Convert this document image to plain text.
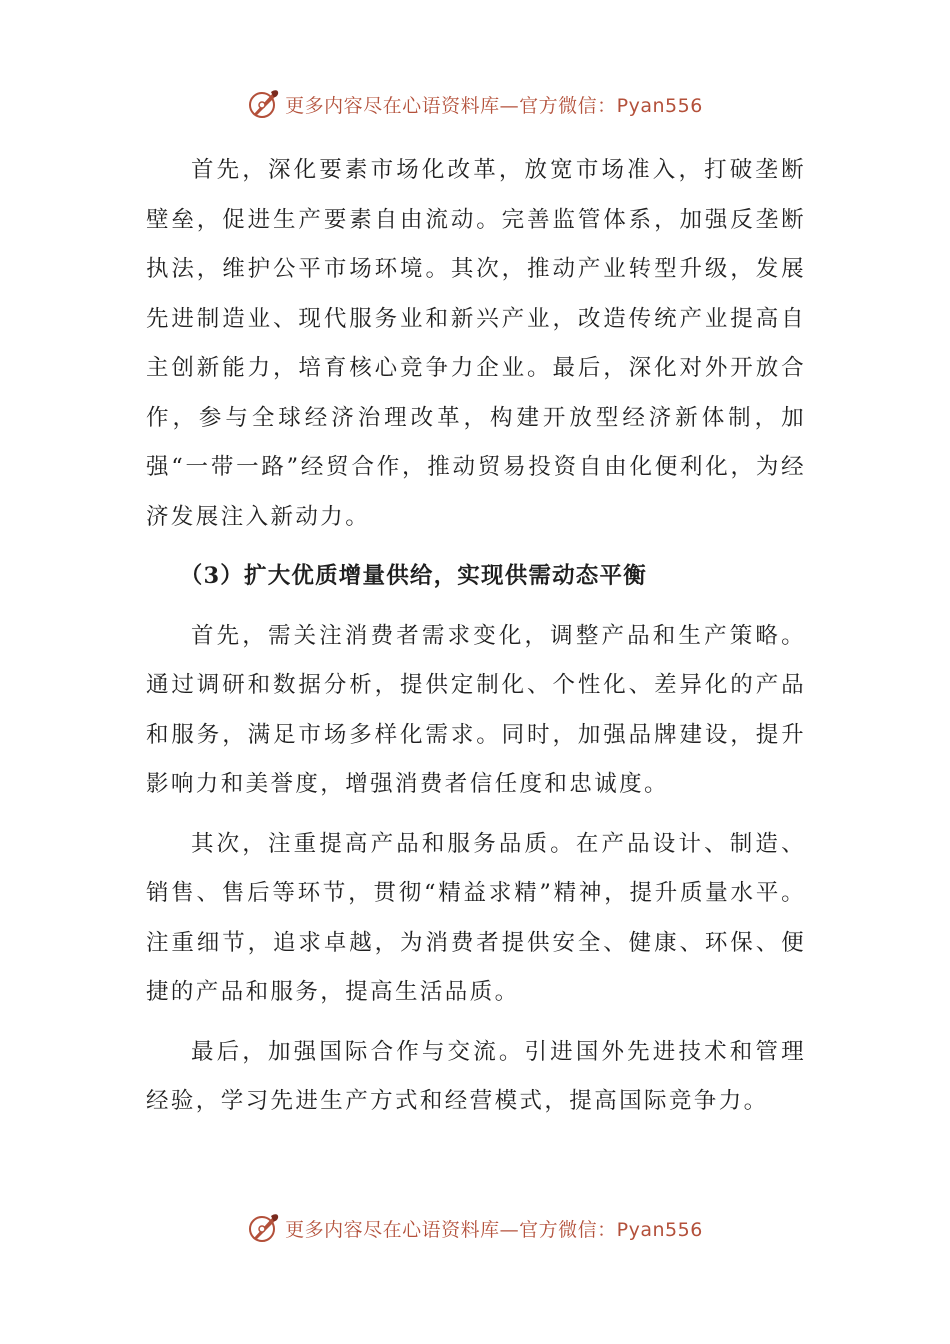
更多内容尽在心语资料库—官方微信：Pyan556

首先，深化要素市场化改革，放宽市场准入，打破垄断壁垒，促进生产要素自由流动。完善监管体系，加强反垄断执法，维护公平市场环境。其次，推动产业转型升级，发展先进制造业、现代服务业和新兴产业，改造传统产业提高自主创新能力，培育核心竞争力企业。最后，深化对外开放合作，参与全球经济治理改革，构建开放型经济新体制，加强“一带一路”经贸合作，推动贸易投资自由化便利化，为经济发展注入新动力。

（3）扩大优质增量供给，实现供需动态平衡

首先，需关注消费者需求变化，调整产品和生产策略。通过调研和数据分析，提供定制化、个性化、差异化的产品和服务，满足市场多样化需求。同时，加强品牌建设，提升影响力和美誉度，增强消费者信任度和忠诚度。

其次，注重提高产品和服务品质。在产品设计、制造、销售、售后等环节，贯彻“精益求精”精神，提升质量水平。注重细节，追求卓越，为消费者提供安全、健康、环保、便捷的产品和服务，提高生活品质。

最后，加强国际合作与交流。引进国外先进技术和管理经验，学习先进生产方式和经营模式，提高国际竞争力。

更多内容尽在心语资料库—官方微信：Pyan556
